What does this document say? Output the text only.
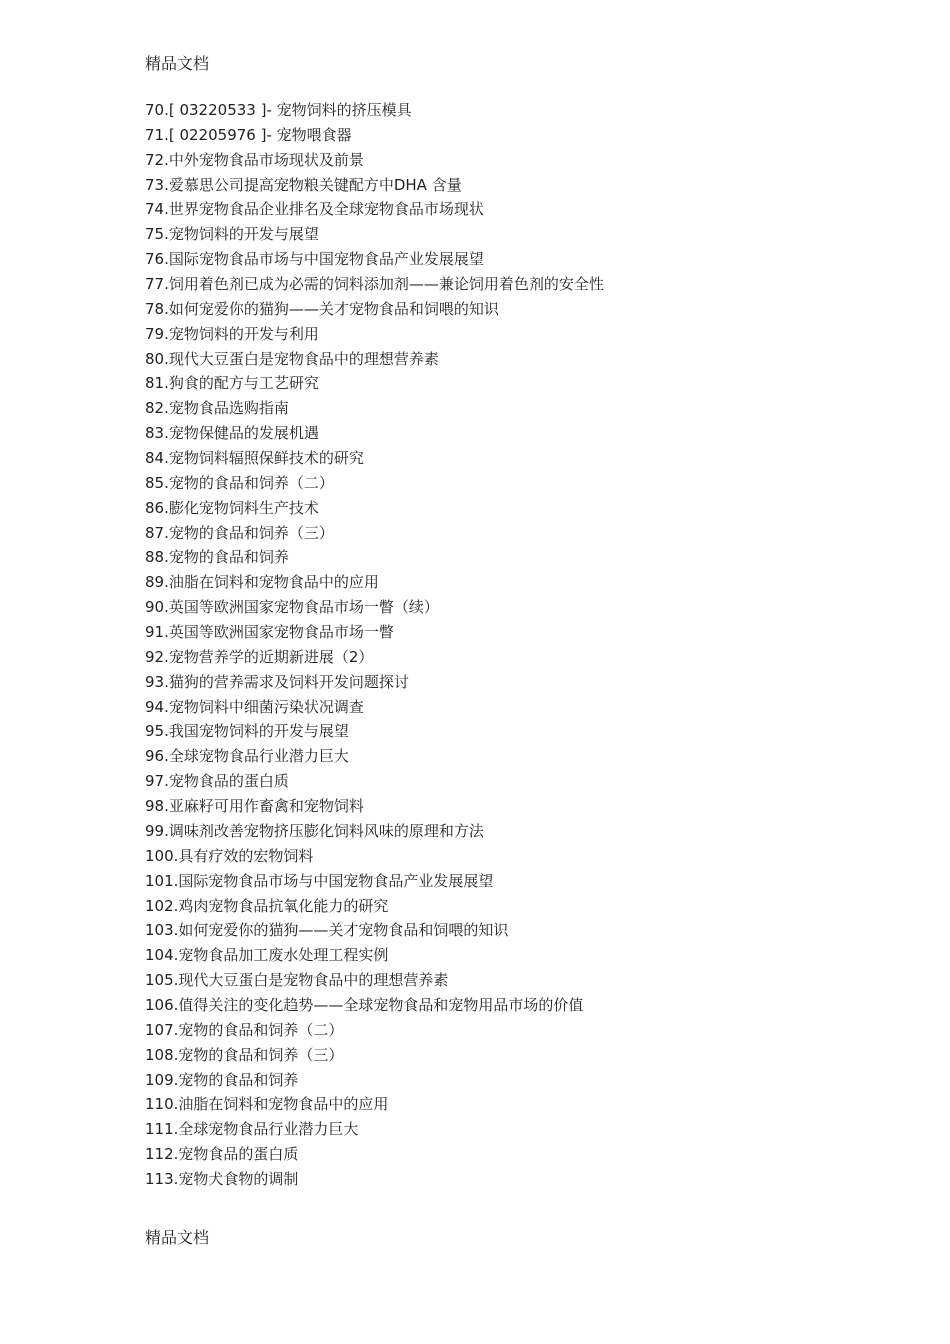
精品文档
70.[ 03220533 ]- 宠物饲料的挤压模具
71.[ 02205976 ]- 宠物喂食器
72.中外宠物食品市场现状及前景
73.爱慕思公司提高宠物粮关键配方中DHA 含量
74.世界宠物食品企业排名及全球宠物食品市场现状
75.宠物饲料的开发与展望
76.国际宠物食品市场与中国宠物食品产业发展展望
77.饲用着色剂已成为必需的饲料添加剂——兼论饲用着色剂的安全性
78.如何宠爱你的猫狗——关才宠物食品和饲喂的知识
79.宠物饲料的开发与利用
80.现代大豆蛋白是宠物食品中的理想营养素
81.狗食的配方与工艺研究
82.宠物食品选购指南
83.宠物保健品的发展机遇
84.宠物饲料辐照保鲜技术的研究
85.宠物的食品和饲养（二）
86.膨化宠物饲料生产技术
87.宠物的食品和饲养（三）
88.宠物的食品和饲养
89.油脂在饲料和宠物食品中的应用
90.英国等欧洲国家宠物食品市场一瞥（续）
91.英国等欧洲国家宠物食品市场一瞥
92.宠物营养学的近期新进展（2）
93.猫狗的营养需求及饲料开发问题探讨
94.宠物饲料中细菌污染状况调查
95.我国宠物饲料的开发与展望
96.全球宠物食品行业潜力巨大
97.宠物食品的蛋白质
98.亚麻籽可用作畜禽和宠物饲料
99.调味剂改善宠物挤压膨化饲料风味的原理和方法
100.具有疗效的宏物饲料
101.国际宠物食品市场与中国宠物食品产业发展展望
102.鸡肉宠物食品抗氧化能力的研究
103.如何宠爱你的猫狗——关才宠物食品和饲喂的知识
104.宠物食品加工废水处理工程实例
105.现代大豆蛋白是宠物食品中的理想营养素
106.值得关注的变化趋势——全球宠物食品和宠物用品市场的价值
107.宠物的食品和饲养（二）
108.宠物的食品和饲养（三）
109.宠物的食品和饲养
110.油脂在饲料和宠物食品中的应用
111.全球宠物食品行业潜力巨大
112.宠物食品的蛋白质
113.宠物犬食物的调制
精品文档
